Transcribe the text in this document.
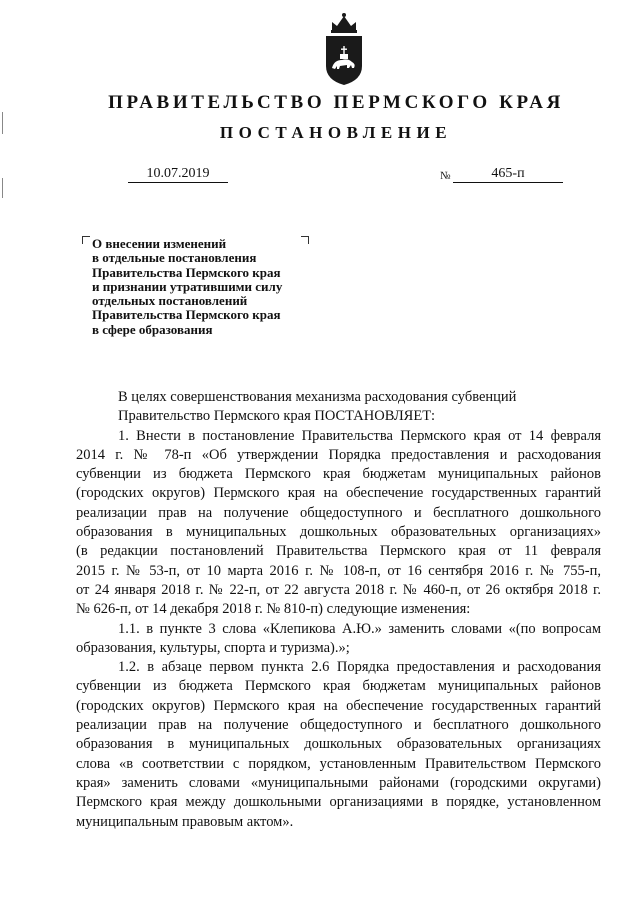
ПРАВИТЕЛЬСТВО ПЕРМСКОГО КРАЯ
ПОСТАНОВЛЕНИЕ
10.07.2019	№	465-п
О внесении изменений
в отдельные постановления
Правительства Пермского края
и признании утратившими силу
отдельных постановлений
Правительства Пермского края
в сфере образования
В целях совершенствования механизма расходования субвенций
Правительство Пермского края ПОСТАНОВЛЯЕТ:
1. Внести в постановление Правительства Пермского края от 14 февраля
2014 г. № 78-п «Об утверждении Порядка предоставления и расходования
субвенции из бюджета Пермского края бюджетам муниципальных районов
(городских округов) Пермского края на обеспечение государственных гарантий
реализации прав на получение общедоступного и бесплатного дошкольного
образования в муниципальных дошкольных образовательных организациях»
(в редакции постановлений Правительства Пермского края от 11 февраля
2015 г. № 53-п, от 10 марта 2016 г. № 108-п, от 16 сентября 2016 г. № 755-п,
от 24 января 2018 г. № 22-п, от 22 августа 2018 г. № 460-п, от 26 октября 2018 г.
№ 626-п, от 14 декабря 2018 г. № 810-п) следующие изменения:
1.1. в пункте 3 слова «Клепикова А.Ю.» заменить словами «(по вопросам
образования, культуры, спорта и туризма).»;
1.2. в абзаце первом пункта 2.6 Порядка предоставления и расходования
субвенции из бюджета Пермского края бюджетам муниципальных районов
(городских округов) Пермского края на обеспечение государственных гарантий
реализации прав на получение общедоступного и бесплатного дошкольного
образования в муниципальных дошкольных образовательных организациях
слова «в соответствии с порядком, установленным Правительством Пермского
края» заменить словами «муниципальными районами (городскими округами)
Пермского края между дошкольными организациями в порядке, установленном
муниципальным правовым актом».
